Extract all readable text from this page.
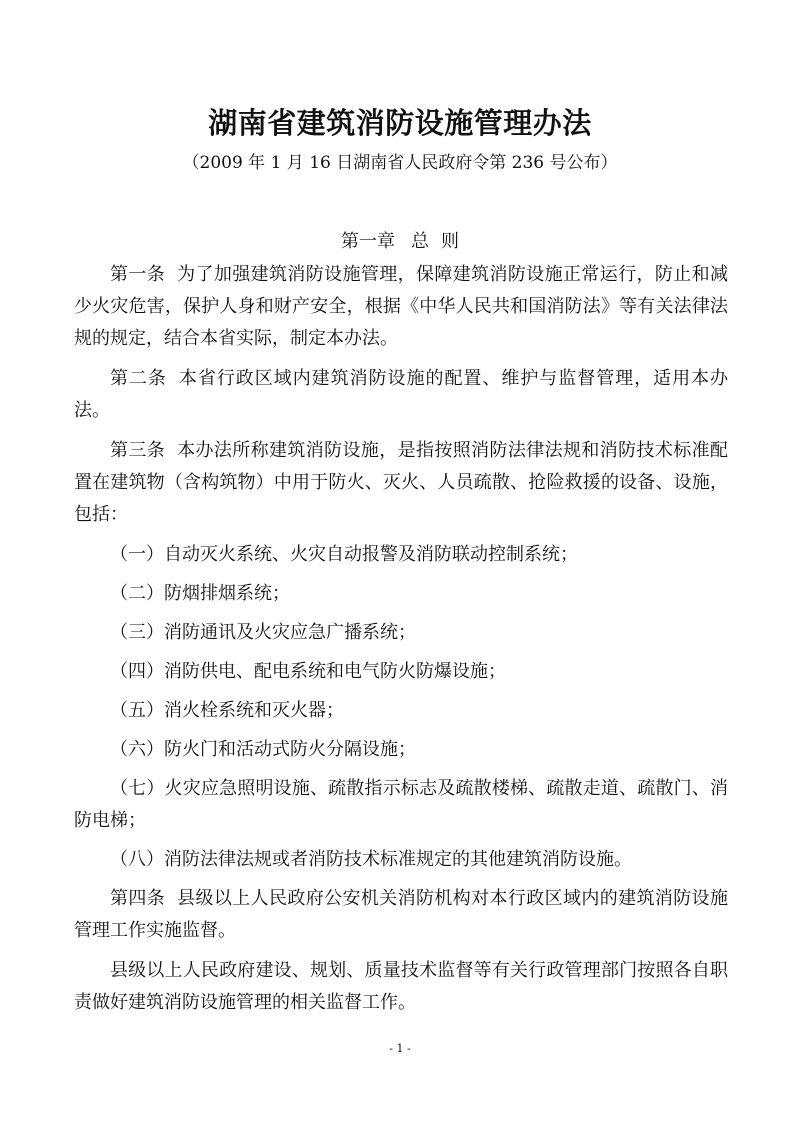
湖南省建筑消防设施管理办法
（2009 年 1 月 16 日湖南省人民政府令第 236 号公布）
第一章 总 则

第一条 为了加强建筑消防设施管理，保障建筑消防设施正常运行，防止和减少火灾危害，保护人身和财产安全，根据《中华人民共和国消防法》等有关法律法规的规定，结合本省实际，制定本办法。

第二条 本省行政区域内建筑消防设施的配置、维护与监督管理，适用本办法。

第三条 本办法所称建筑消防设施，是指按照消防法律法规和消防技术标准配置在建筑物（含构筑物）中用于防火、灭火、人员疏散、抢险救援的设备、设施，包括：

（一）自动灭火系统、火灾自动报警及消防联动控制系统；

（二）防烟排烟系统；

（三）消防通讯及火灾应急广播系统；

（四）消防供电、配电系统和电气防火防爆设施；

（五）消火栓系统和灭火器；

（六）防火门和活动式防火分隔设施；

（七）火灾应急照明设施、疏散指示标志及疏散楼梯、疏散走道、疏散门、消防电梯；

（八）消防法律法规或者消防技术标准规定的其他建筑消防设施。

第四条 县级以上人民政府公安机关消防机构对本行政区域内的建筑消防设施管理工作实施监督。

县级以上人民政府建设、规划、质量技术监督等有关行政管理部门按照各自职责做好建筑消防设施管理的相关监督工作。

- 1 -
